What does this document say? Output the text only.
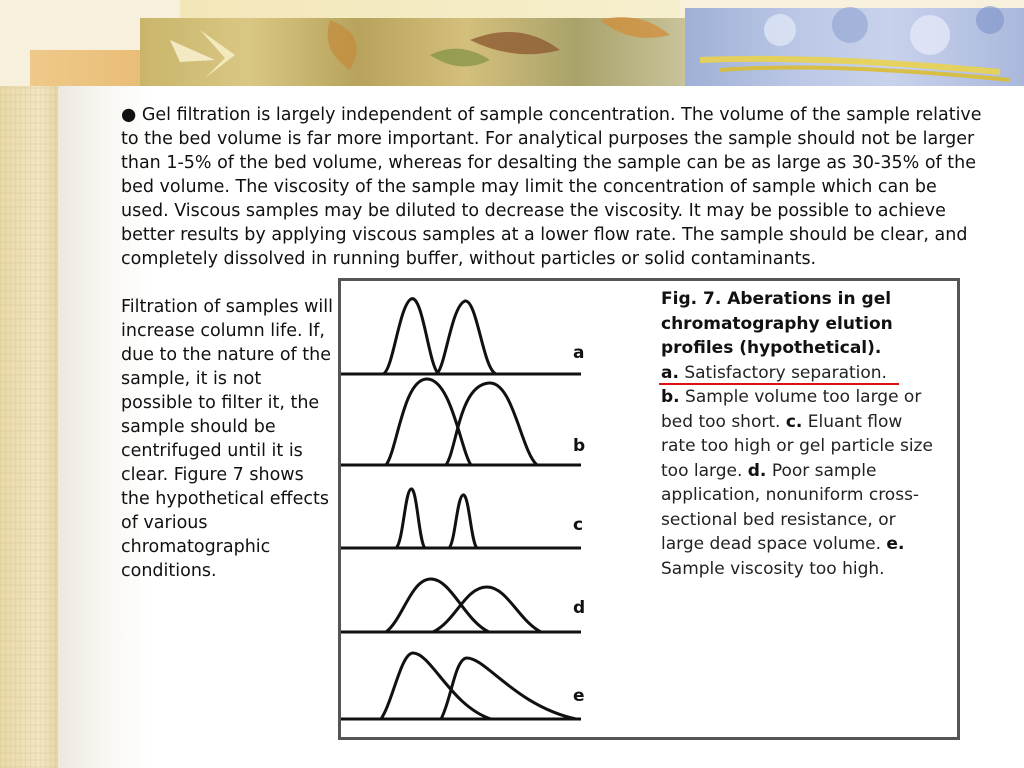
● Gel filtration is largely independent of sample concentration. The volume of the sample relative to the bed volume is far more important. For analytical purposes the sample should not be larger than 1-5% of the bed volume, whereas for desalting the sample can be as large as 30-35% of the bed volume. The viscosity of the sample may limit the concentration of sample which can be used. Viscous samples may be diluted to decrease the viscosity. It may be possible to achieve better results by applying viscous samples at a lower flow rate. The sample should be clear, and completely dissolved in running buffer, without particles or solid contaminants.

Filtration of samples will increase column life. If, due to the nature of the sample, it is not possible to filter it, the sample should be centrifuged until it is clear. Figure 7 shows the hypothetical effects of various chromatographic conditions.

a
b
c
d
e
Fig. 7. Aberations in gel chromatography elution profiles (hypothetical).
a. Satisfactory separation.
b. Sample volume too large or bed too short. c. Eluant flow rate too high or gel particle size too large. d. Poor sample application, nonuniform cross-sectional bed resistance, or large dead space volume. e. Sample viscosity too high.
